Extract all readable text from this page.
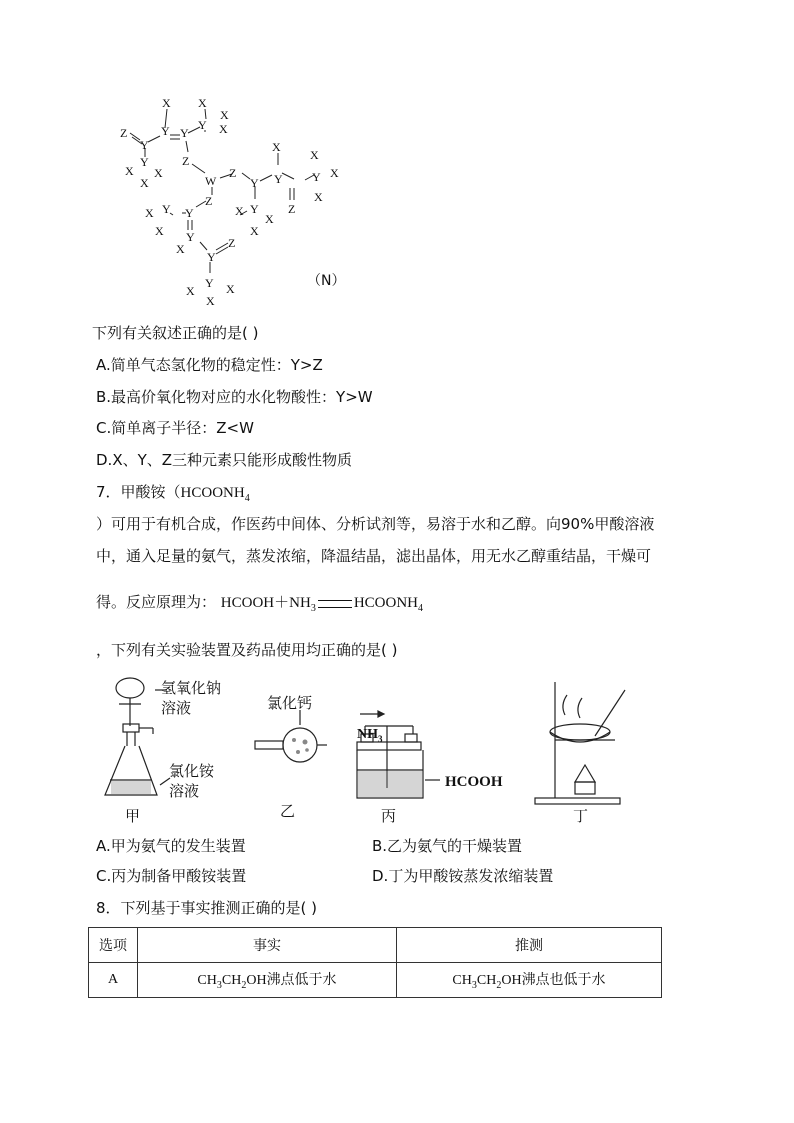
X X
X
Z
Y
Y Y
Y X
Y
X X
X
Z
W
Z
Y
X
Y
X
Y X
X
Z
Y
X
X
X
Z
Y Y
X
X
X
Y	Z
Y
X
Y X
X
（N）
下列有关叙述正确的是( )
A.简单气态氢化物的稳定性：Y>Z
B.最高价氧化物对应的水化物酸性：Y>W
C.简单离子半径：Z<W
D.X、Y、Z三种元素只能形成酸性物质
7．甲酸铵（$HCOONH_4$
）可用于有机合成，作医药中间体、分析试剂等，易溶于水和乙醇。向90%甲酸溶液
中，通入足量的氨气，蒸发浓缩，降温结晶，滤出晶体，用无水乙醇重结晶，干燥可
得。反应原理为： $HCOOH+NH_3$	$HCOONH_4$
，下列有关实验装置及药品使用均正确的是( )
氢氧化钠
溶液
氯化铵
溶液
甲
氯化钙
乙
HCOOH
丙	丁
$NH_3$
A.甲为氨气的发生装置	B.乙为氨气的干燥装置
C.丙为制备甲酸铵装置	D.丁为甲酸铵蒸发浓缩装置
8．下列基于事实推测正确的是( )
选项	事实	推测
A	$CH_3CH_2OH$沸点低于水	$CH_3CH_2OH$沸点也低于水
